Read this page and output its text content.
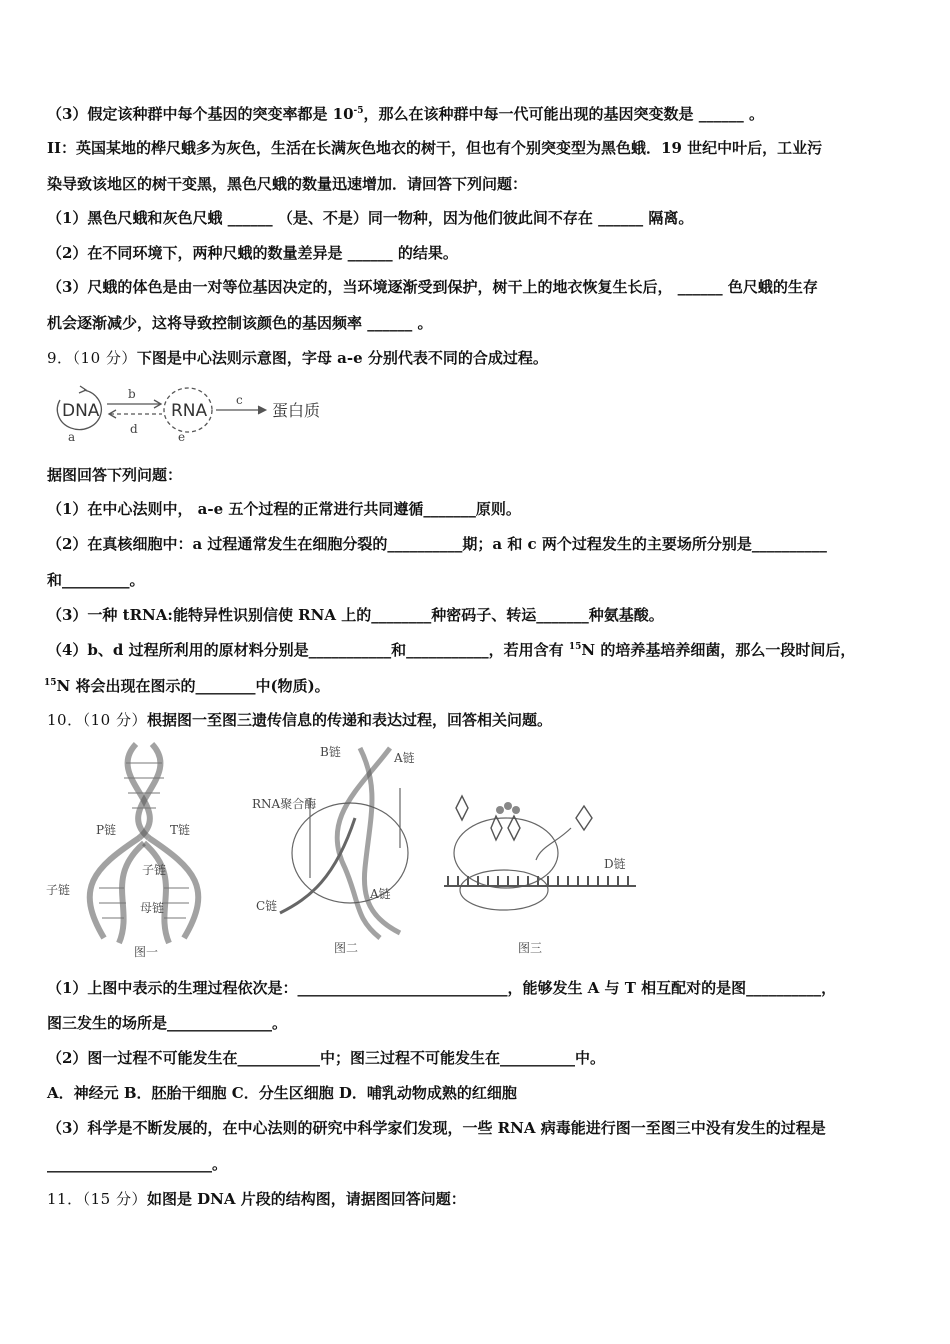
（3）假定该种群中每个基因的突变率都是 $10^{-5}$，那么在该种群中每一代可能出现的基因突变数是 ______ 。
II：英国某地的桦尺蛾多为灰色，生活在长满灰色地衣的树干，但也有个别突变型为黑色蛾．19 世纪中叶后，工业污
染导致该地区的树干变黑，黑色尺蛾的数量迅速增加．请回答下列问题：
（1）黑色尺蛾和灰色尺蛾 ______ （是、不是）同一物种，因为他们彼此间不存在 ______ 隔离。
（2）在不同环境下，两种尺蛾的数量差异是 ______ 的结果。
（3）尺蛾的体色是由一对等位基因决定的，当环境逐渐受到保护，树干上的地衣恢复生长后， ______ 色尺蛾的生存
机会逐渐减少，这将导致控制该颜色的基因频率 ______ 。
9．（10 分）下图是中心法则示意图，字母 a-e 分别代表不同的合成过程。
DNA
a
b
d
RNA
e
c
蛋白质
据图回答下列问题：
（1）在中心法则中， a-e 五个过程的正常进行共同遵循_______原则。
（2）在真核细胞中：a 过程通常发生在细胞分裂的__________期；a 和 c 两个过程发生的主要场所分别是__________
和_________。
（3）一种 tRNA:能特异性识别信使 RNA 上的________种密码子、转运_______种氨基酸。
（4）b、d 过程所利用的原材料分别是___________和___________，若用含有 $^{15}$N 的培养基培养细菌，那么一段时间后，
$^{15}$N 将会出现在图示的________中(物质)。
10．（10 分）根据图一至图三遗传信息的传递和表达过程，回答相关问题。
P链	T链
子链
子链
母链
图一
B链	A链
RNA聚合酶
C链
A链
图二
D链
图三
（1）上图中表示的生理过程依次是：____________________________，能够发生 A 与 T 相互配对的是图__________，
图三发生的场所是______________。
（2）图一过程不可能发生在___________中；图三过程不可能发生在__________中。
A．神经元 B．胚胎干细胞 C．分生区细胞 D．哺乳动物成熟的红细胞
（3）科学是不断发展的，在中心法则的研究中科学家们发现，一些 RNA 病毒能进行图一至图三中没有发生的过程是
______________________。
11．（15 分）如图是 DNA 片段的结构图，请据图回答问题：
